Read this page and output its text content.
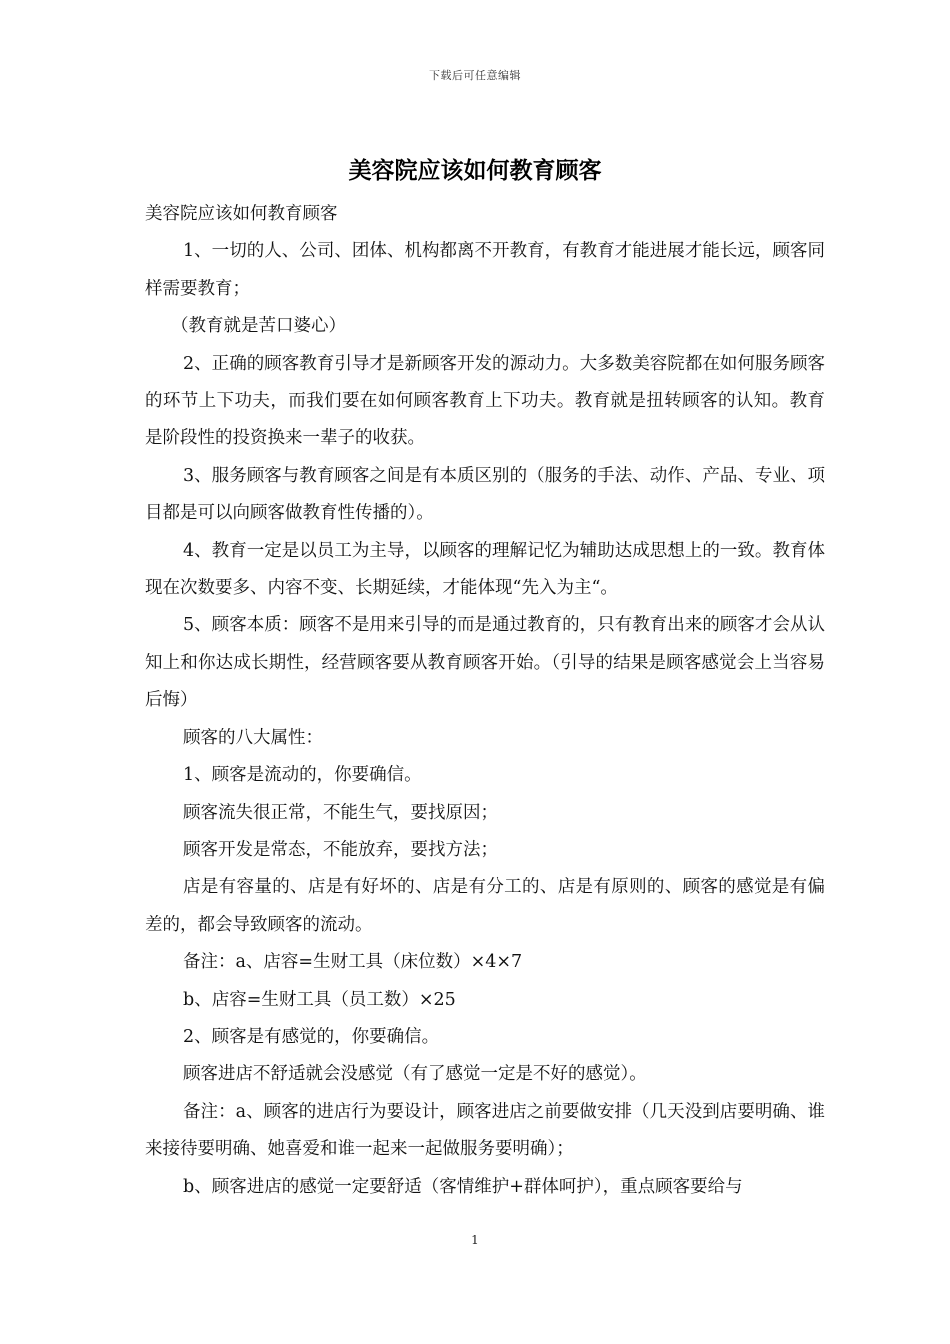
下载后可任意编辑
美容院应该如何教育顾客

美容院应该如何教育顾客

1、一切的人、公司、团体、机构都离不开教育，有教育才能进展才能长远，顾客同样需要教育；

（教育就是苦口婆心）

2、正确的顾客教育引导才是新顾客开发的源动力。大多数美容院都在如何服务顾客的环节上下功夫，而我们要在如何顾客教育上下功夫。教育就是扭转顾客的认知。教育是阶段性的投资换来一辈子的收获。

3、服务顾客与教育顾客之间是有本质区别的（服务的手法、动作、产品、专业、项目都是可以向顾客做教育性传播的）。

4、教育一定是以员工为主导，以顾客的理解记忆为辅助达成思想上的一致。教育体现在次数要多、内容不变、长期延续，才能体现“先入为主“。

5、顾客本质：顾客不是用来引导的而是通过教育的，只有教育出来的顾客才会从认知上和你达成长期性，经营顾客要从教育顾客开始。（引导的结果是顾客感觉会上当容易后悔）

顾客的八大属性：

1、顾客是流动的，你要确信。

顾客流失很正常，不能生气，要找原因；

顾客开发是常态，不能放弃，要找方法；

店是有容量的、店是有好坏的、店是有分工的、店是有原则的、顾客的感觉是有偏差的，都会导致顾客的流动。

备注：a、店容=生财工具（床位数）×4×7

b、店容=生财工具（员工数）×25

2、顾客是有感觉的，你要确信。

顾客进店不舒适就会没感觉（有了感觉一定是不好的感觉）。

备注：a、顾客的进店行为要设计，顾客进店之前要做安排（几天没到店要明确、谁来接待要明确、她喜爱和谁一起来一起做服务要明确）；

b、顾客进店的感觉一定要舒适（客情维护+群体呵护），重点顾客要给与

1
